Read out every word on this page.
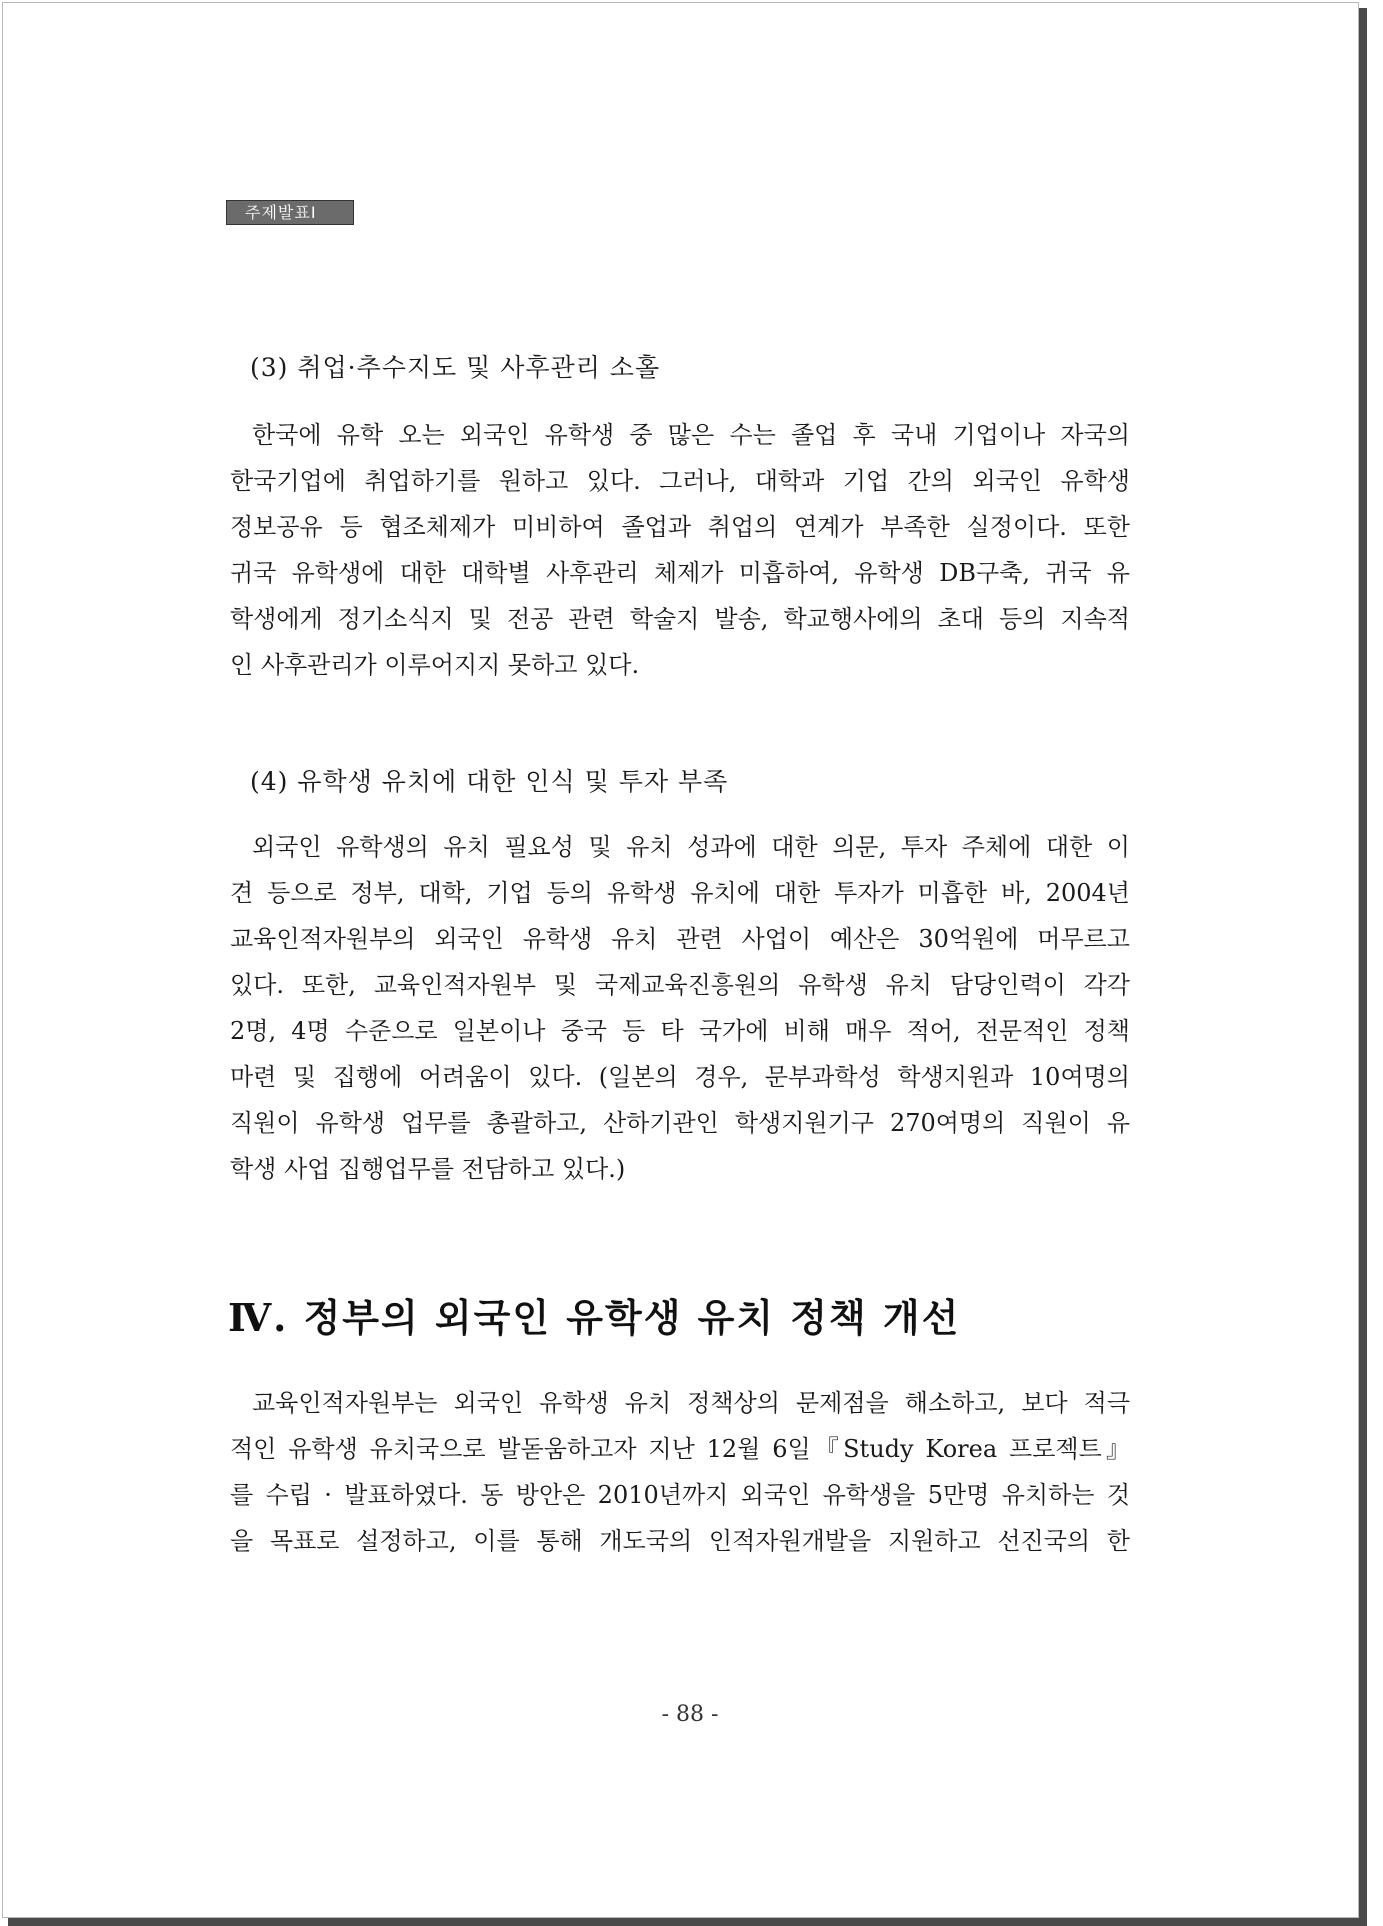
주제발표Ⅰ
(3) 취업·추수지도 및 사후관리 소홀
한국에 유학 오는 외국인 유학생 중 많은 수는 졸업 후 국내 기업이나 자국의
한국기업에 취업하기를 원하고 있다. 그러나, 대학과 기업 간의 외국인 유학생
정보공유 등 협조체제가 미비하여 졸업과 취업의 연계가 부족한 실정이다. 또한
귀국 유학생에 대한 대학별 사후관리 체제가 미흡하여, 유학생 DB구축, 귀국 유
학생에게 정기소식지 및 전공 관련 학술지 발송, 학교행사에의 초대 등의 지속적
인 사후관리가 이루어지지 못하고 있다.
(4) 유학생 유치에 대한 인식 및 투자 부족
외국인 유학생의 유치 필요성 및 유치 성과에 대한 의문, 투자 주체에 대한 이
견 등으로 정부, 대학, 기업 등의 유학생 유치에 대한 투자가 미흡한 바, 2004년
교육인적자원부의 외국인 유학생 유치 관련 사업이 예산은 30억원에 머무르고
있다. 또한, 교육인적자원부 및 국제교육진흥원의 유학생 유치 담당인력이 각각
2명, 4명 수준으로 일본이나 중국 등 타 국가에 비해 매우 적어, 전문적인 정책
마련 및 집행에 어려움이 있다. (일본의 경우, 문부과학성 학생지원과 10여명의
직원이 유학생 업무를 총괄하고, 산하기관인 학생지원기구 270여명의 직원이 유
학생 사업 집행업무를 전담하고 있다.)
Ⅳ. 정부의 외국인 유학생 유치 정책 개선
교육인적자원부는 외국인 유학생 유치 정책상의 문제점을 해소하고, 보다 적극
적인 유학생 유치국으로 발돋움하고자 지난 12월 6일『Study Korea 프로젝트』
를 수립 · 발표하였다. 동 방안은 2010년까지 외국인 유학생을 5만명 유치하는 것
을 목표로 설정하고, 이를 통해 개도국의 인적자원개발을 지원하고 선진국의 한
- 88 -
